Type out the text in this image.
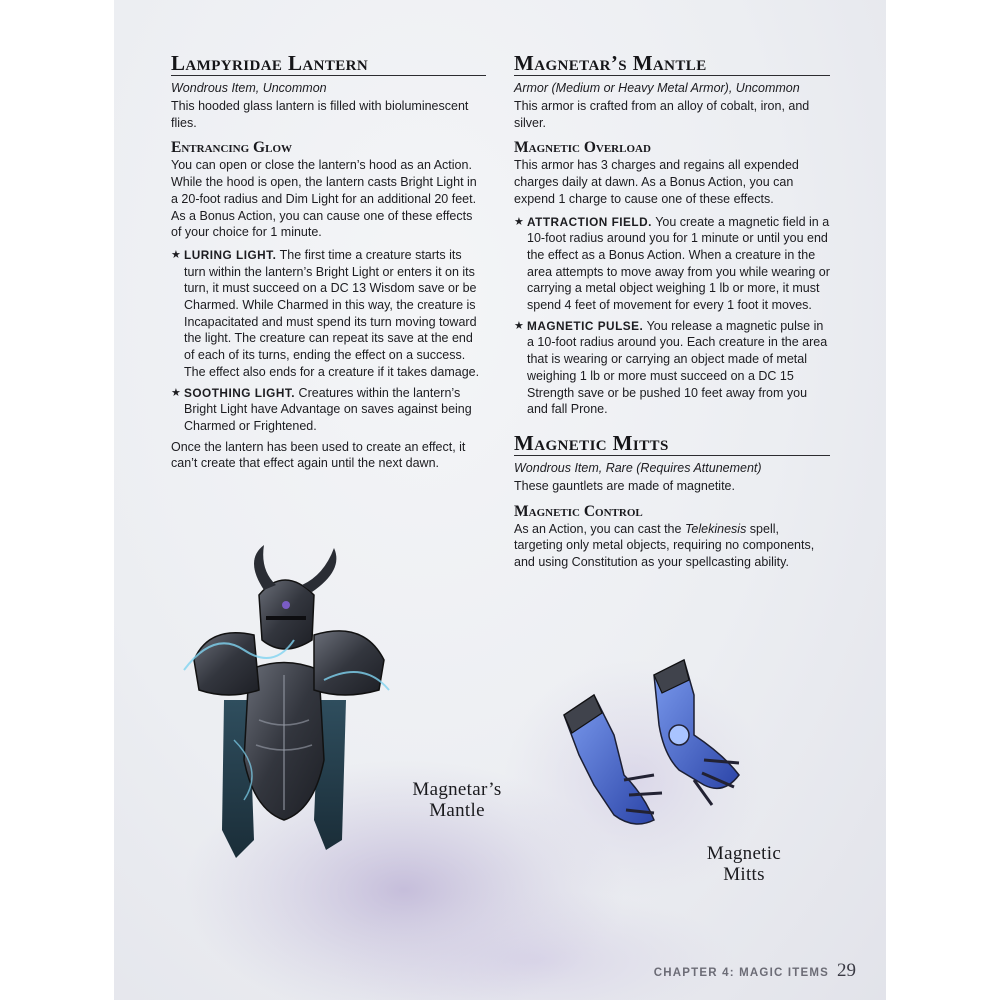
Lampyridae Lantern
Wondrous Item, Uncommon

This hooded glass lantern is filled with bioluminescent flies.

Entrancing Glow

You can open or close the lantern’s hood as an Action. While the hood is open, the lantern casts Bright Light in a 20-foot radius and Dim Light for an additional 20 feet. As a Bonus Action, you can cause one of these effects of your choice for 1 minute.

★ LURING LIGHT. The first time a creature starts its turn within the lantern’s Bright Light or enters it on its turn, it must succeed on a DC 13 Wisdom save or be Charmed. While Charmed in this way, the creature is Incapacitated and must spend its turn moving toward the light. The creature can repeat its save at the end of each of its turns, ending the effect on a success. The effect also ends for a creature if it takes damage.
★ SOOTHING LIGHT. Creatures within the lantern’s Bright Light have Advantage on saves against being Charmed or Frightened.

Once the lantern has been used to create an effect, it can’t create that effect again until the next dawn.

Magnetar’s Mantle
Armor (Medium or Heavy Metal Armor), Uncommon

This armor is crafted from an alloy of cobalt, iron, and silver.

Magnetic Overload

This armor has 3 charges and regains all expended charges daily at dawn. As a Bonus Action, you can expend 1 charge to cause one of these effects.

★ ATTRACTION FIELD. You create a magnetic field in a 10-foot radius around you for 1 minute or until you end the effect as a Bonus Action. When a creature in the area attempts to move away from you while wearing or carrying a metal object weighing 1 lb or more, it must spend 4 feet of movement for every 1 foot it moves.
★ MAGNETIC PULSE. You release a magnetic pulse in a 10-foot radius around you. Each creature in the area that is wearing or carrying an object made of metal weighing 1 lb or more must succeed on a DC 15 Strength save or be pushed 10 feet away from you and fall Prone.
Magnetic Mitts
Wondrous Item, Rare (Requires Attunement)

These gauntlets are made of magnetite.

Magnetic Control

As an Action, you can cast the Telekinesis spell, targeting only metal objects, requiring no components, and using Constitution as your spellcasting ability.

Magnetar’s
Mantle
Magnetic
Mitts
CHAPTER 4: MAGIC ITEMS 29
